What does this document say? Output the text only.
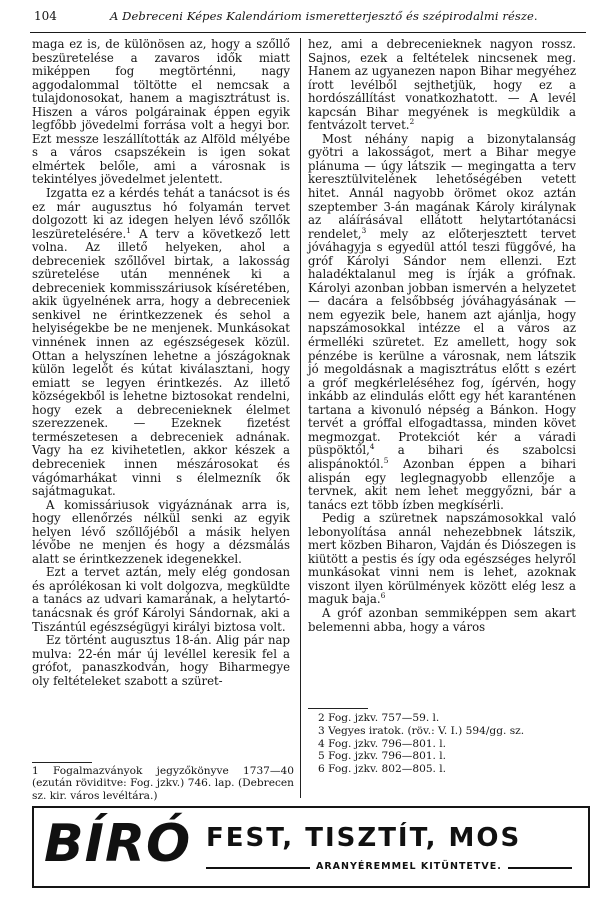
104	A Debreceni Képes Kalendáriom ismeretterjesztő és szépirodalmi része.

maga ez is, de különösen az, hogy a szőllő beszüretelése a zavaros idők miatt miképpen fog megtörténni, nagy aggodalommal töltötte el nemcsak a tulajdonosokat, hanem a magisztrátust is. Hiszen a város polgárainak éppen egyik legfőbb jövedelmi forrása volt a hegyi bor. Ezt messze leszállították az Alföld mélyébe s a város csapszékein is igen sokat elmértek belőle, ami a városnak is tekintélyes jövedelmet jelentett.

Izgatta ez a kérdés tehát a tanácsot is és ez már augusztus hó folyamán tervet dolgozott ki az idegen helyen lévő szőllők leszüretelésére.$^1$ A terv a következő lett volna. Az illető helyeken, ahol a debreceniek szőllővel birtak, a lakosság szüretelése után mennének ki a debreceniek kommisszáriusok kíséretében, akik ügyelnének arra, hogy a debreceniek senkivel ne érintkezzenek és sehol a helyiségekbe be ne menjenek. Munkásokat vinnének innen az egészségesek közül. Ottan a helyszínen lehetne a jószágoknak külön legelőt és kútat kiválasztani, hogy emiatt se legyen érintkezés. Az illető községekből is lehetne biztosokat rendelni, hogy ezek a debrecenieknek élelmet szerezzenek. — Ezeknek fizetést természetesen a debreceniek adnának. Vagy ha ez kivihetetlen, akkor készek a debreceniek innen mészárosokat és vágómarhákat vinni s élelmezník ők sajátmagukat.

A komissáriusok vigyáznának arra is, hogy ellenőrzés nélkül senki az egyik helyen lévő szőllőjéből a másik helyen lévőbe ne menjen és hogy a dézsmálás alatt se érintkezzenek idegenekkel.

Ezt a tervet aztán, mely elég gondosan és aprólékosan ki volt dolgozva, megküldte a tanács az udvari kamarának, a helytartó-tanácsnak és gróf Károlyi Sándornak, aki a Tiszántúl egészségügyi királyi biztosa volt.

Ez történt augusztus 18-án. Alig pár nap mulva: 22-én már új levéllel keresik fel a grófot, panaszkodván, hogy Biharmegye oly feltételeket szabott a szüret-

hez, ami a debrecenieknek nagyon rossz. Sajnos, ezek a feltételek nincsenek meg. Hanem az ugyanezen napon Bihar megyéhez írott levélből sejthetjük, hogy ez a hordószállítást vonatkozhatott. — A levél kapcsán Bihar megyének is megküldik a fentvázolt tervet.$^2$

Most néhány napig a bizonytalanság gyötri a lakosságot, mert a Bihar megye plánuma — úgy látszik — megingatta a terv keresztülvitelének lehetőségében vetett hitet. Annál nagyobb örömet okoz aztán szeptember 3-án magának Károly királynak az aláírásával ellátott helytartótanácsi rendelet,$^3$ mely az előterjesztett tervet jóváhagyja s egyedül attól teszi függővé, ha gróf Károlyi Sándor nem ellenzi. Ezt haladéktalanul meg is írják a grófnak. Károlyi azonban jobban ismervén a helyzetet — dacára a felsőbbség jóváhagyásának — nem egyezik bele, hanem azt ajánlja, hogy napszámosokkal intézze el a város az érmelléki szüretet. Ez amellett, hogy sok pénzébe is kerülne a városnak, nem látszik jó megoldásnak a magisztrátus előtt s ezért a gróf megkérleléséhez fog, ígérvén, hogy inkább az elindulás előtt egy hét karanténen tartana a kivonuló népség a Bánkon. Hogy tervét a gróffal elfogadtassa, minden követ megmozgat. Protekciót kér a váradi püspöktől,$^4$ a bihari és szabolcsi alispánoktól.$^5$ Azonban éppen a bihari alispán egy leglegnagyobb ellenzője a tervnek, akit nem lehet meggyőzni, bár a tanács ezt több ízben megkísérli.

Pedig a szüretnek napszámosokkal való lebonyolítása annál nehezebbnek látszik, mert közben Biharon, Vajdán és Diószegen is kiütött a pestis és így oda egészséges helyről munkásokat vinni nem is lehet, azoknak viszont ilyen körülmények között elég lesz a maguk baja.$^6$

A gróf azonban semmiképpen sem akart belemenni abba, hogy a város

1 Fogalmazványok jegyzőkönyve 1737—40 (ezután röviditve: Fog. jzkv.) 746. lap. (Debrecen sz. kir. város levéltára.)

2 Fog. jzkv. 757—59. l.

3 Vegyes iratok. (röv.: V. I.) 594/gg. sz.

4 Fog. jzkv. 796—801. l.

5 Fog. jzkv. 796—801. l.

6 Fog. jzkv. 802—805. l.

BÍRÓ FEST, TISZTÍT, MOS
ARANYÉREMMEL KITÜNTETVE.
